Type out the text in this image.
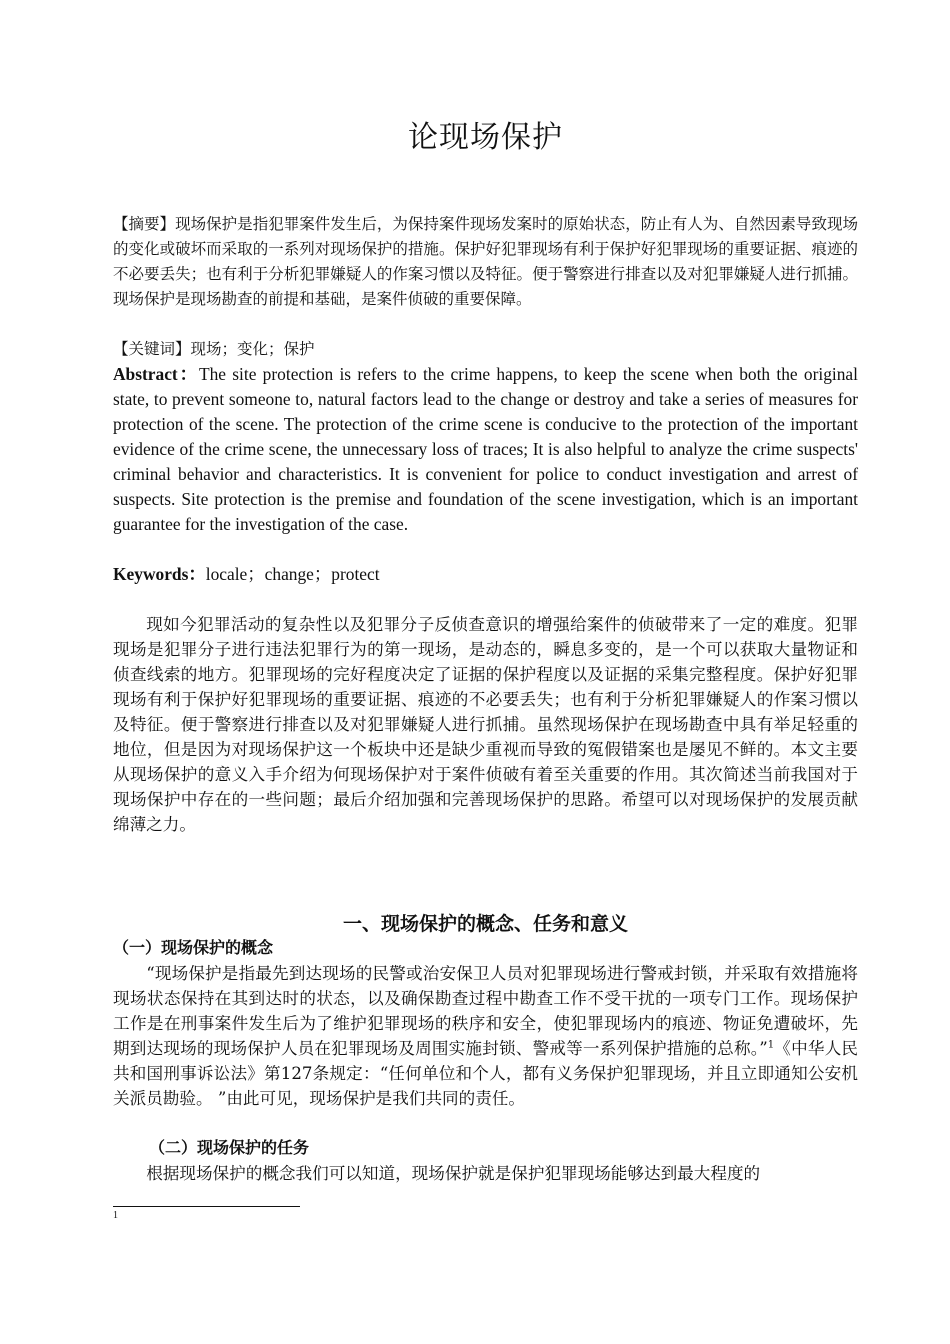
论现场保护

【摘要】现场保护是指犯罪案件发生后，为保持案件现场发案时的原始状态，防止有人为、自然因素导致现场的变化或破坏而采取的一系列对现场保护的措施。保护好犯罪现场有利于保护好犯罪现场的重要证据、痕迹的不必要丢失；也有利于分析犯罪嫌疑人的作案习惯以及特征。便于警察进行排查以及对犯罪嫌疑人进行抓捕。现场保护是现场勘查的前提和基础，是案件侦破的重要保障。

【关键词】现场；变化；保护

Abstract：The site protection is refers to the crime happens, to keep the scene when both the original state, to prevent someone to, natural factors lead to the change or destroy and take a series of measures for protection of the scene. The protection of the crime scene is conducive to the protection of the important evidence of the crime scene, the unnecessary loss of traces; It is also helpful to analyze the crime suspects' criminal behavior and characteristics. It is convenient for police to conduct investigation and arrest of suspects. Site protection is the premise and foundation of the scene investigation, which is an important guarantee for the investigation of the case.

Keywords：locale；change；protect

现如今犯罪活动的复杂性以及犯罪分子反侦查意识的增强给案件的侦破带来了一定的难度。犯罪现场是犯罪分子进行违法犯罪行为的第一现场，是动态的，瞬息多变的，是一个可以获取大量物证和侦查线索的地方。犯罪现场的完好程度决定了证据的保护程度以及证据的采集完整程度。保护好犯罪现场有利于保护好犯罪现场的重要证据、痕迹的不必要丢失；也有利于分析犯罪嫌疑人的作案习惯以及特征。便于警察进行排查以及对犯罪嫌疑人进行抓捕。虽然现场保护在现场勘查中具有举足轻重的地位，但是因为对现场保护这一个板块中还是缺少重视而导致的冤假错案也是屡见不鲜的。本文主要从现场保护的意义入手介绍为何现场保护对于案件侦破有着至关重要的作用。其次简述当前我国对于现场保护中存在的一些问题；最后介绍加强和完善现场保护的思路。希望可以对现场保护的发展贡献绵薄之力。

一、现场保护的概念、任务和意义
（一）现场保护的概念

“现场保护是指最先到达现场的民警或治安保卫人员对犯罪现场进行警戒封锁，并采取有效措施将现场状态保持在其到达时的状态，以及确保勘查过程中勘查工作不受干扰的一项专门工作。现场保护工作是在刑事案件发生后为了维护犯罪现场的秩序和安全，使犯罪现场内的痕迹、物证免遭破坏，先期到达现场的现场保护人员在犯罪现场及周围实施封锁、警戒等一系列保护措施的总称。”$^1$《中华人民共和国刑事诉讼法》第127条规定：“任何单位和个人，都有义务保护犯罪现场，并且立即通知公安机关派员勘验。 ”由此可见，现场保护是我们共同的责任。

（二）现场保护的任务

根据现场保护的概念我们可以知道，现场保护就是保护犯罪现场能够达到最大程度的

1
